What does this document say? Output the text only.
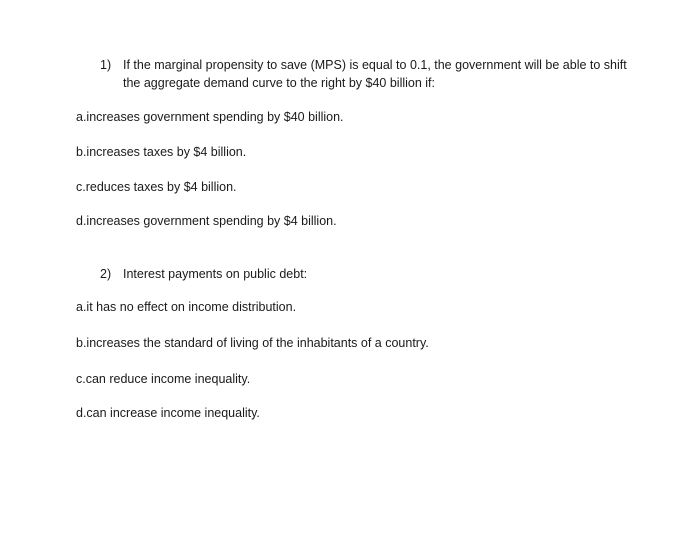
1) If the marginal propensity to save (MPS) is equal to 0.1, the government will be able to shift the aggregate demand curve to the right by $40 billion if:
a.increases government spending by $40 billion.
b.increases taxes by $4 billion.
c.reduces taxes by $4 billion.
d.increases government spending by $4 billion.
2) Interest payments on public debt:
a.it has no effect on income distribution.
b.increases the standard of living of the inhabitants of a country.
c.can reduce income inequality.
d.can increase income inequality.
